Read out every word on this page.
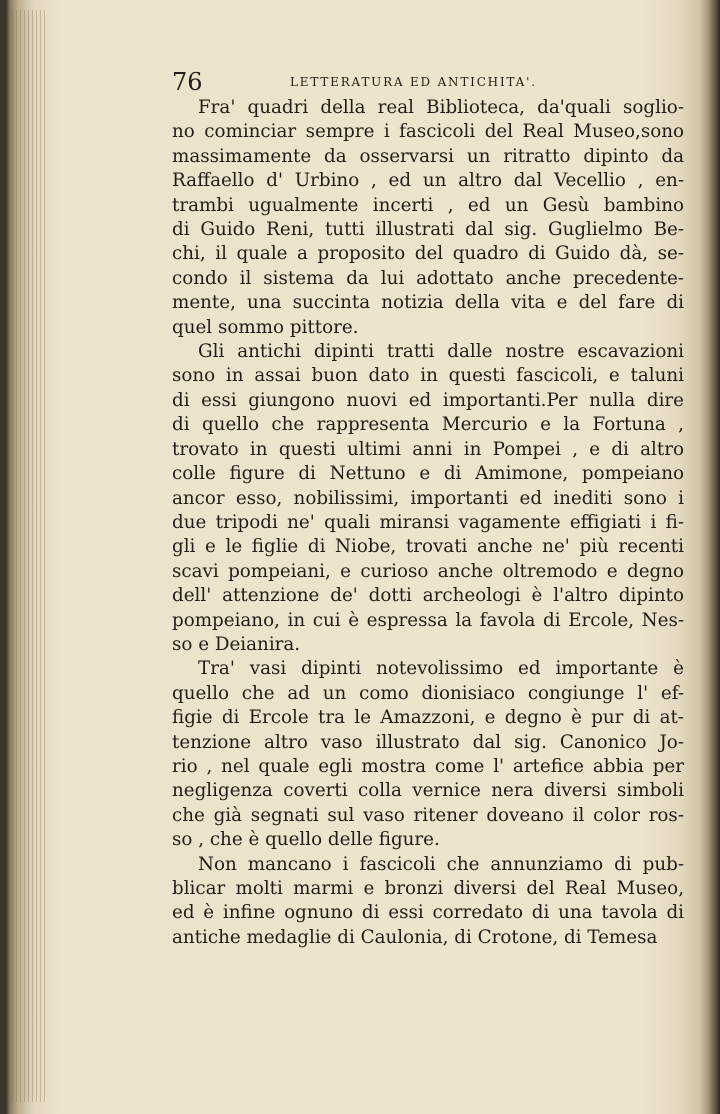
76	LETTERATURA ED ANTICHITA'.
Fra' quadri della real Biblioteca, da'quali soglio-
no cominciar sempre i fascicoli del Real Museo,sono
massimamente da osservarsi un ritratto dipinto da
Raffaello d' Urbino , ed un altro dal Vecellio , en-
trambi ugualmente incerti , ed un Gesù bambino
di Guido Reni, tutti illustrati dal sig. Guglielmo Be-
chi, il quale a proposito del quadro di Guido dà, se-
condo il sistema da lui adottato anche precedente-
mente, una succinta notizia della vita e del fare di
quel sommo pittore.
Gli antichi dipinti tratti dalle nostre escavazioni
sono in assai buon dato in questi fascicoli, e taluni
di essi giungono nuovi ed importanti.Per nulla dire
di quello che rappresenta Mercurio e la Fortuna ,
trovato in questi ultimi anni in Pompei , e di altro
colle figure di Nettuno e di Amimone, pompeiano
ancor esso, nobilissimi, importanti ed inediti sono i
due tripodi ne' quali miransi vagamente effigiati i fi-
gli e le figlie di Niobe, trovati anche ne' più recenti
scavi pompeiani, e curioso anche oltremodo e degno
dell' attenzione de' dotti archeologi è l'altro dipinto
pompeiano, in cui è espressa la favola di Ercole, Nes-
so e Deianira.
Tra' vasi dipinti notevolissimo ed importante è
quello che ad un como dionisiaco congiunge l' ef-
figie di Ercole tra le Amazzoni, e degno è pur di at-
tenzione altro vaso illustrato dal sig. Canonico Jo-
rio , nel quale egli mostra come l' artefice abbia per
negligenza coverti colla vernice nera diversi simboli
che già segnati sul vaso ritener doveano il color ros-
so , che è quello delle figure.
Non mancano i fascicoli che annunziamo di pub-
blicar molti marmi e bronzi diversi del Real Museo,
ed è infine ognuno di essi corredato di una tavola di
antiche medaglie di Caulonia, di Crotone, di Temesa
